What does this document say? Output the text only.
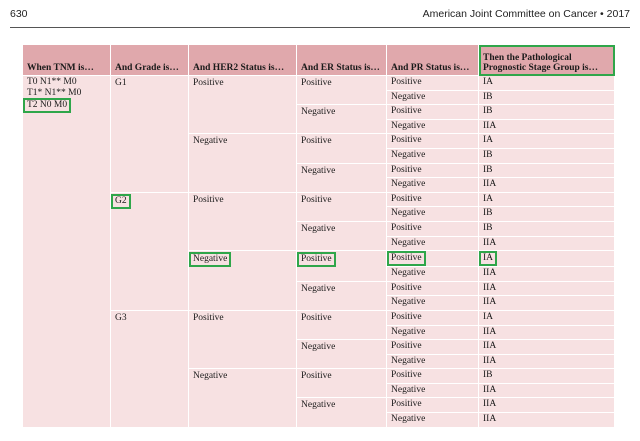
630	American Joint Committee on Cancer • 2017
When TNM is…	And Grade is…	And HER2 Status is…	And ER Status is…	And PR Status is…	Then the Pathological Prognostic Stage Group is…

T0 N1** M0
T1* N1** M0
T2 N0 M0	G1	Positive	Positive	Positive	IA
				Negative	IB
			Negative	Positive	IB
				Negative	IIA
		Negative	Positive	Positive	IA
				Negative	IB
			Negative	Positive	IB
				Negative	IIA
	G2	Positive	Positive	Positive	IA
				Negative	IB
			Negative	Positive	IB
				Negative	IIA
		Negative	Positive	Positive	IA
				Negative	IIA
			Negative	Positive	IIA
				Negative	IIA
	G3	Positive	Positive	Positive	IA
				Negative	IIA
			Negative	Positive	IIA
				Negative	IIA
		Negative	Positive	Positive	IB
				Negative	IIA
			Negative	Positive	IIA
				Negative	IIA
